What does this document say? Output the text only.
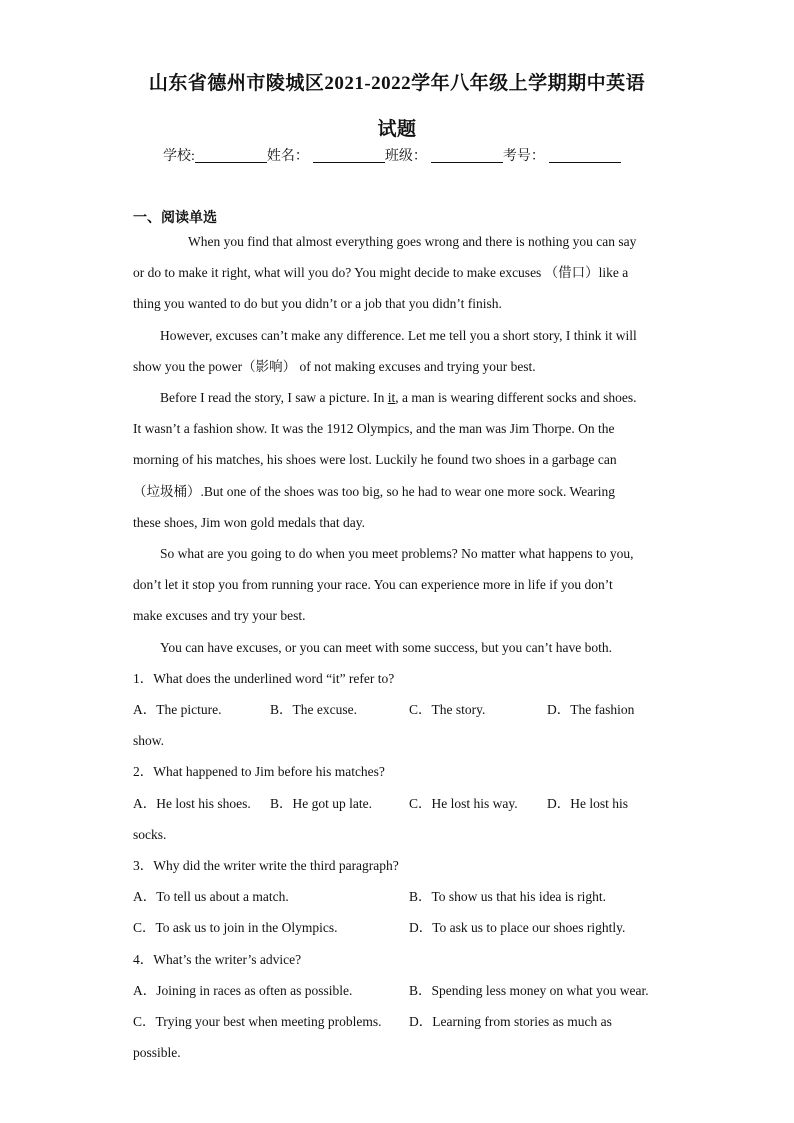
山东省德州市陵城区2021-2022学年八年级上学期期中英语
试题
学校:	姓名：	班级：	考号：
一、阅读单选
When you find that almost everything goes wrong and there is nothing you can say
or do to make it right, what will you do? You might decide to make excuses （借口）like a
thing you wanted to do but you didn’t or a job that you didn’t finish.
However, excuses can’t make any difference. Let me tell you a short story, I think it will
show you the power（影响） of not making excuses and trying your best.
Before I read the story, I saw a picture. In it, a man is wearing different socks and shoes.
It wasn’t a fashion show. It was the 1912 Olympics, and the man was Jim Thorpe. On the
morning of his matches, his shoes were lost. Luckily he found two shoes in a garbage can
（垃圾桶）.But one of the shoes was too big, so he had to wear one more sock. Wearing
these shoes, Jim won gold medals that day.
So what are you going to do when you meet problems? No matter what happens to you,
don’t let it stop you from running your race. You can experience more in life if you don’t
make excuses and try your best.
You can have excuses, or you can meet with some success, but you can’t have both.
1．What does the underlined word “it” refer to?
A．The picture.	B．The excuse.	C．The story.	D．The fashion
show.
2．What happened to Jim before his matches?
A．He lost his shoes. B．He got up late.	C．He lost his way. D．He lost his
socks.
3．Why did the writer write the third paragraph?
A．To tell us about a match.	B．To show us that his idea is right.
C．To ask us to join in the Olympics.	D．To ask us to place our shoes rightly.
4．What’s the writer’s advice?
A．Joining in races as often as possible.	B．Spending less money on what you wear.
C．Trying your best when meeting problems. D．Learning from stories as much as
possible.
